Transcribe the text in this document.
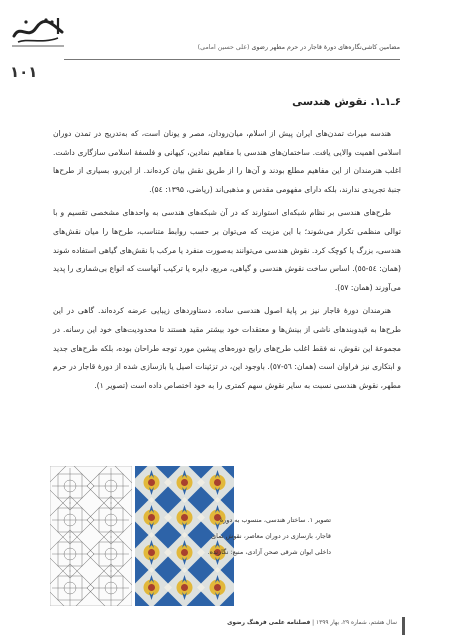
۱۰۱
مضامین کاشی‌نگاره‌های دورۀ قاجار در حرم مطهر رضوی (علی حسین امامی)
۶ـ۱ـ۱. نقوش هندسی

هندسه میراث تمدن‌های ایران پیش از اسلام، میان‌رودان، مصر و یونان است، که به‌تدریج در تمدن دوران اسلامی اهمیت والایی یافت. ساختمان‌های هندسی با مفاهیم نمادین، کیهانی و فلسفۀ اسلامی سازگاری داشت. اغلب هنرمندان از این مفاهیم مطلع بودند و آن‌ها را از طریق نقش بیان کرده‌اند. از این‌رو، بسیاری از طرح‌ها جنبۀ تجریدی ندارند، بلکه دارای مفهومی مقدس و مذهبی‌اند (ریاضی، ۱۳۹۵: ۵٤).

طرح‌های هندسی بر نظام شبکه‌ای استوارند که در آن شبکه‌های هندسی به واحدهای مشخصی تقسیم و با توالی منظمی تکرار می‌شوند؛ با این مزیت که می‌توان بر حسب روابط متناسب، طرح‌ها را میان نقش‌های هندسی، بزرگ یا کوچک کرد. نقوش هندسی می‌توانند به‌صورت منفرد یا مرکب با نقش‌های گیاهی استفاده شوند (همان: ٥٤-٥٥). اساس ساخت نقوش هندسی و گیاهی، مربع، دایره یا ترکیب آنهاست که انواع بی‌شماری را پدید می‌آورند (همان: ٥٧).

هنرمندان دورۀ قاجار نیز بر پایۀ اصول هندسی ساده، دستاوردهای زیبایی عرضه کرده‌اند. گاهی در این طرح‌ها به قیدوبندهای ناشی از بینش‌ها و معتقدات خود بیشتر مقید هستند تا محدودیت‌های خود این رسانه. در مجموعۀ این نقوش، نه فقط اغلب طرح‌های رایج دوره‌های پیشین مورد توجه طراحان بوده، بلکه طرح‌های جدید و ابتکاری نیز فراوان است (همان: ٥٦-٥٧). باوجود این، در تزئینات اصیل یا بازسازی شده از دورۀ قاجار در حرم مطهر، نقوش هندسی نسبت به سایر نقوش سهم کمتری را به خود اختصاص داده است (تصویر ۱).

تصویر ۱. ساختار هندسی، منسوب به دورۀ قاجار، بازسازی در دوران معاصر، نقوش نمای داخلی ایوان شرقی صحن آزادی، منبع: نگارنده.
سال هشتم، شماره ۲۹، بهار ۱۳۹۹ | فصلنامه علمی فرهنگ رضوی
